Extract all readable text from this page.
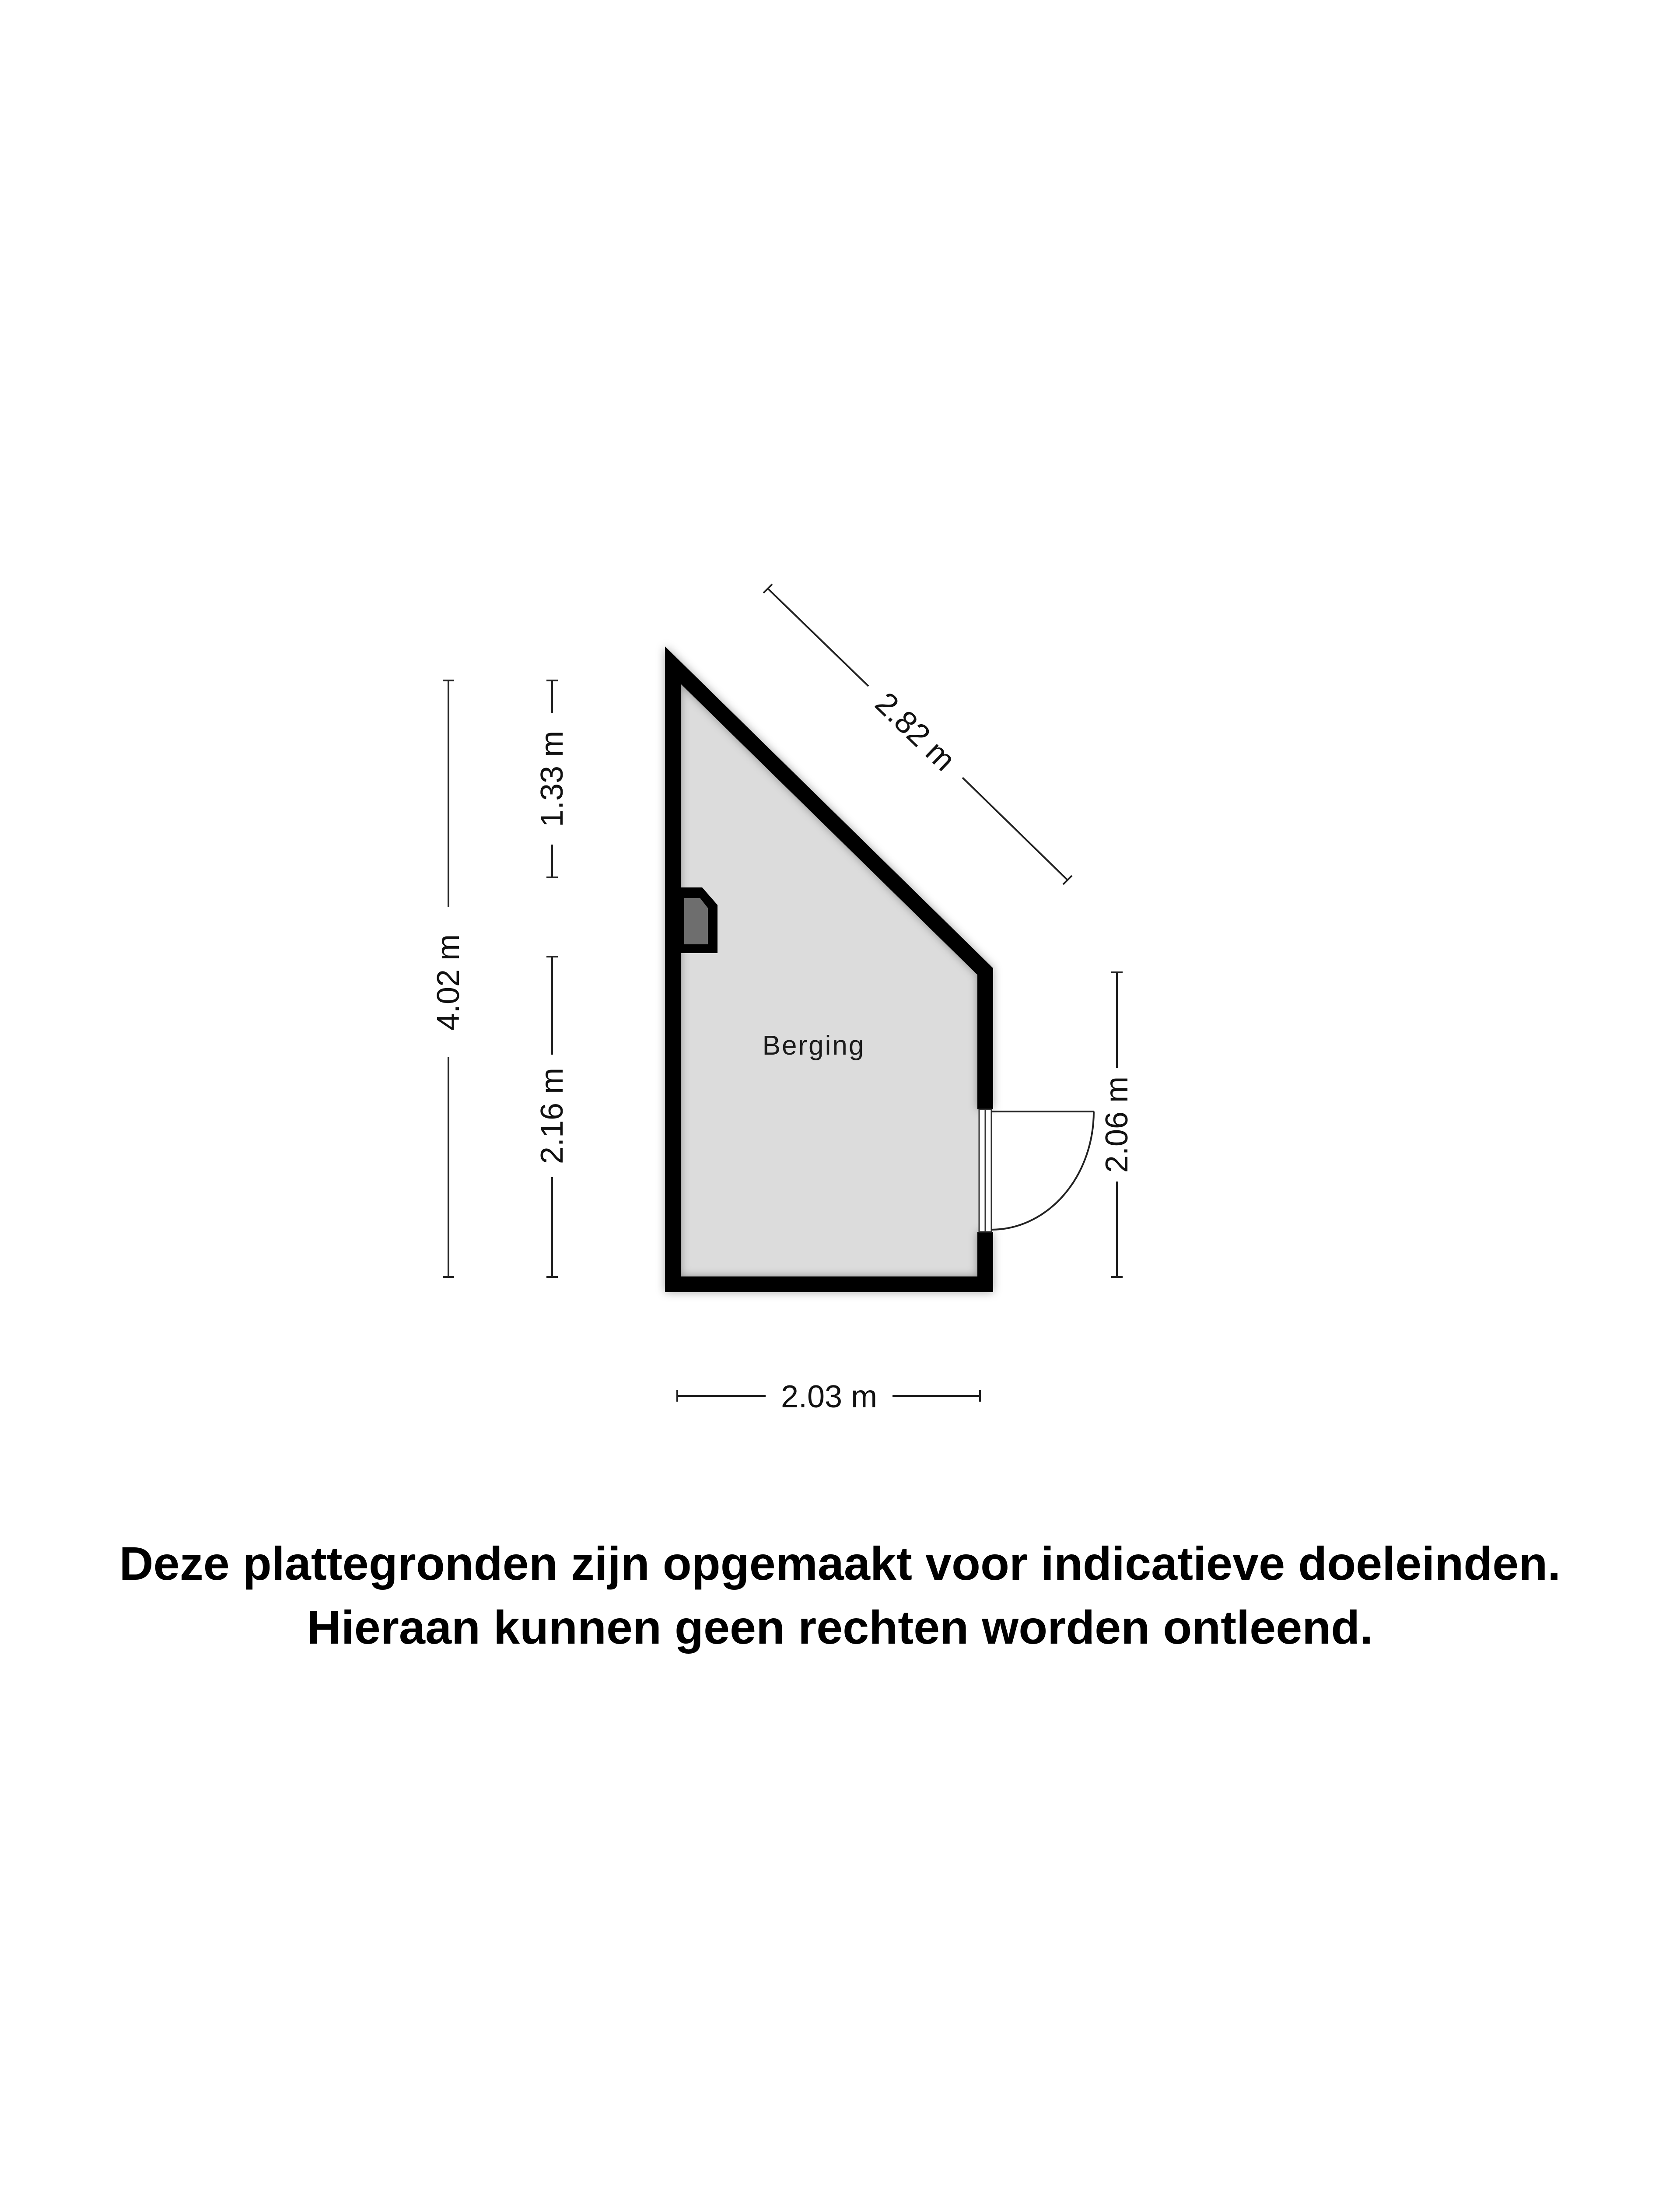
Berging
4.02 m
1.33 m
2.16 m
2.82 m
2.06 m
2.03 m
Deze plattegronden zijn opgemaakt voor indicatieve doeleinden.
Hieraan kunnen geen rechten worden ontleend.
